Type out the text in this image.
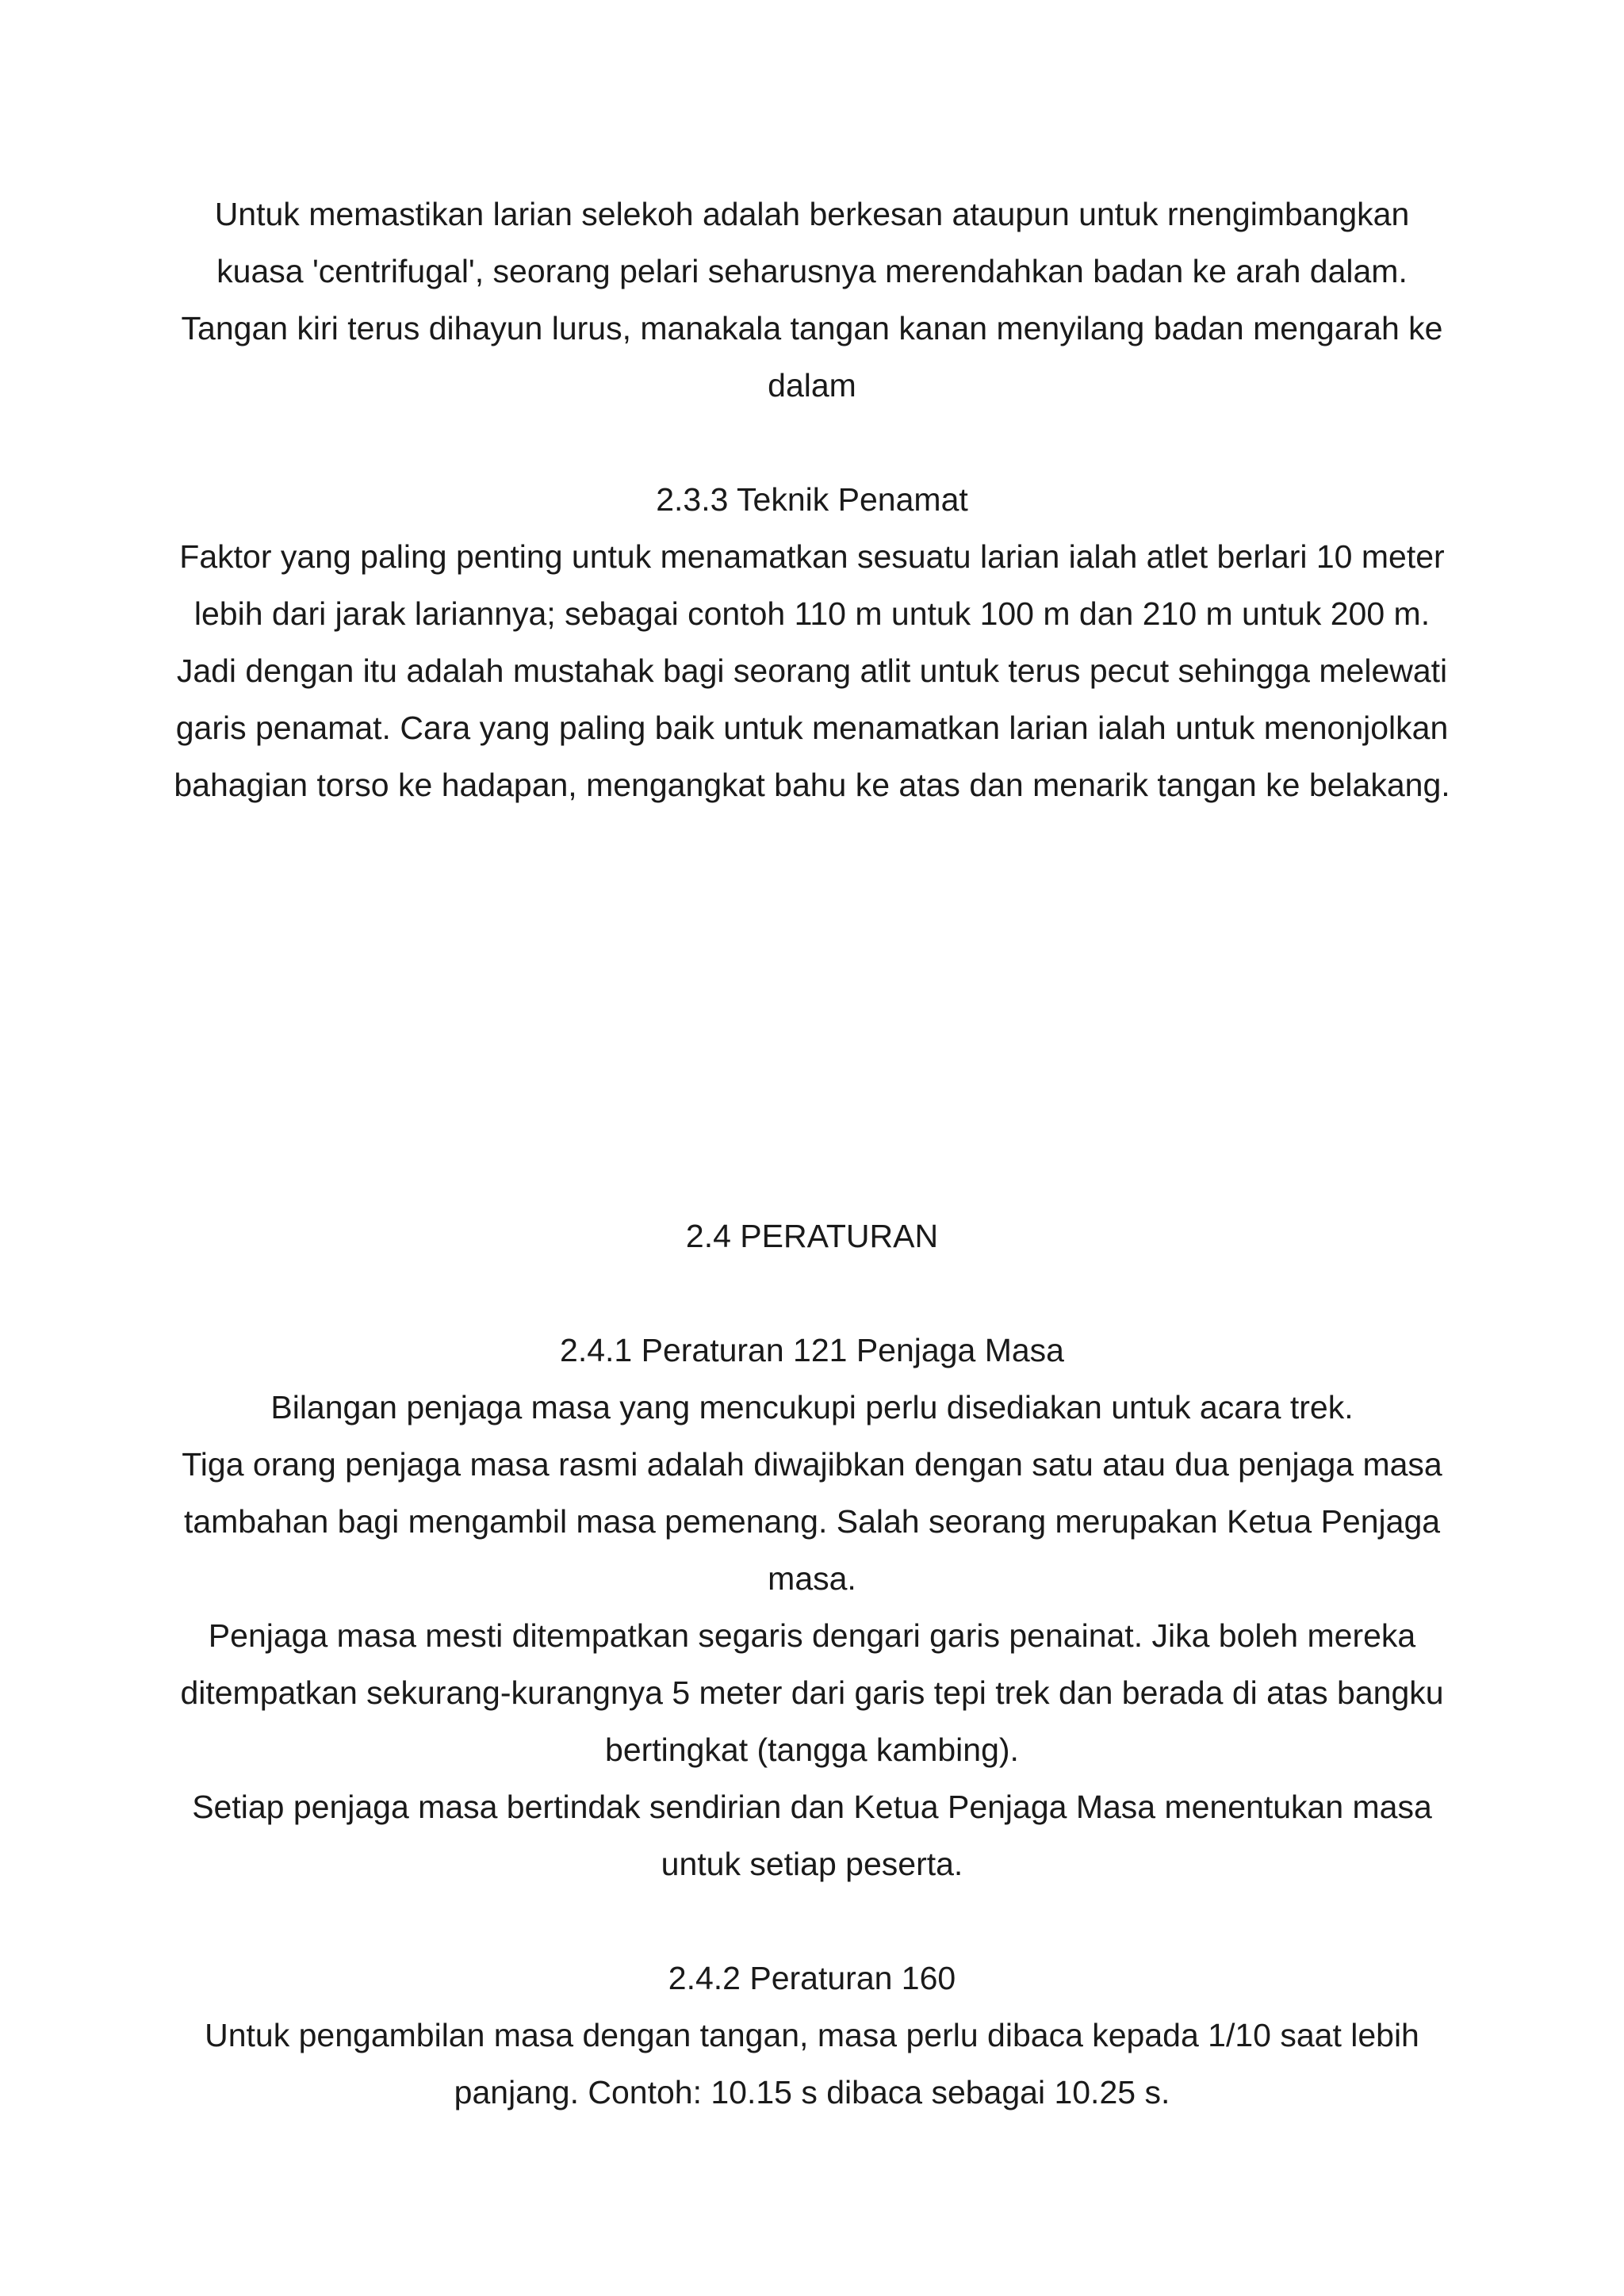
Untuk memastikan larian selekoh adalah berkesan ataupun untuk rnengimbangkan kuasa 'centrifugal', seorang pelari seharusnya merendahkan badan ke arah dalam. Tangan kiri terus dihayun lurus, manakala tangan kanan menyilang badan mengarah ke dalam

2.3.3 Teknik Penamat

Faktor yang paling penting untuk menamatkan sesuatu larian ialah atlet berlari 10 meter lebih dari jarak lariannya; sebagai contoh 110 m untuk 100 m dan 210 m untuk 200 m.

Jadi dengan itu adalah mustahak bagi seorang atlit untuk terus pecut sehingga melewati garis penamat. Cara yang paling baik untuk menamatkan larian ialah untuk menonjolkan bahagian torso ke hadapan, mengangkat bahu ke atas dan menarik tangan ke belakang.

2.4 PERATURAN
2.4.1 Peraturan 121 Penjaga Masa

Bilangan penjaga masa yang mencukupi perlu disediakan untuk acara trek.

Tiga orang penjaga masa rasmi adalah diwajibkan dengan satu atau dua penjaga masa tambahan bagi mengambil masa pemenang. Salah seorang merupakan Ketua Penjaga masa.

Penjaga masa mesti ditempatkan segaris dengari garis penainat. Jika boleh mereka ditempatkan sekurang-kurangnya 5 meter dari garis tepi trek dan berada di atas bangku bertingkat (tangga kambing).

Setiap penjaga masa bertindak sendirian dan Ketua Penjaga Masa menentukan masa untuk setiap peserta.

2.4.2 Peraturan 160

Untuk pengambilan masa dengan tangan, masa perlu dibaca kepada 1/10 saat lebih panjang. Contoh: 10.15 s dibaca sebagai 10.25 s.
